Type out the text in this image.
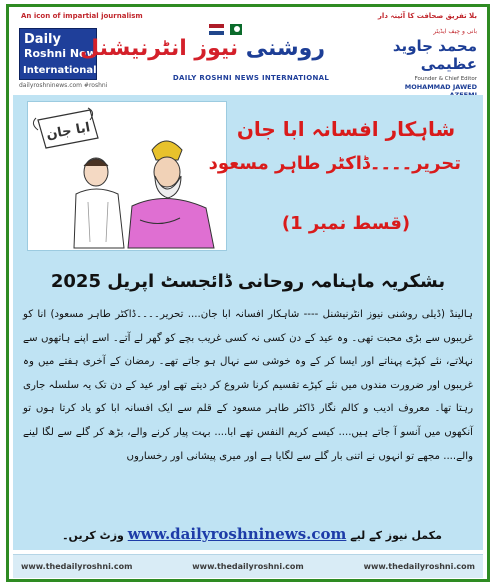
An icon of impartial journalism
Daily
Roshni News
International
dailyroshninews.com #roshni
روشنی نیوز انٹرنیشنل
DAILY ROSHNI NEWS INTERNATIONAL
بلا تفریق صحافت کا آئینہ دار
بانی و چیف ایڈیٹر
محمد جاوید عظیمی
Founder & Chief Editor
MOHAMMAD JAWED
ابا جان	شاہکار افسانہ ابا جان
تحریر۔۔۔۔ڈاکٹر طاہر مسعود
(قسط نمبر 1)
بشکریہ ماہنامہ روحانی ڈائجسٹ اپریل 2025

ہالینڈ (ڈیلی روشنی نیوز انٹرنیشنل ---- شاہکار افسانہ ابا جان.... تحریر۔۔۔۔ڈاکٹر طاہر مسعود) انا کو غریبوں سے بڑی محبت تھی۔ وہ عید کے دن کسی نہ کسی غریب بچے کو گھر لے آتے۔ اسے اپنے ہاتھوں سے نہلاتے، نئے کپڑے پہناتے اور ایسا کر کے وہ خوشی سے نہال ہو جاتے تھے۔ رمضان کے آخری ہفتے میں وہ غریبوں اور ضرورت مندوں میں نئے کپڑے تقسیم کرنا شروع کر دیتے تھے اور عید کے دن تک یہ سلسلہ جاری رہتا تھا۔ معروف ادیب و کالم نگار ڈاکٹر طاہر مسعود کے قلم سے ایک افسانہ ابا کو یاد کرتا ہوں تو آنکھوں میں آنسو آ جاتے ہیں.... کیسے کریم النفس تھے ابا.... بہت پیار کرنے والے، بڑھ کر گلے سے لگا لینے والے.... مجھے تو انہوں نے اتنی بار گلے سے لگایا ہے اور میری پیشانی اور رخساروں

مکمل نیوز کے لیے www.dailyroshninews.com وزٹ کریں۔
www.thedailyroshni.com	www.thedailyroshni.com	www.thedailyroshni.com
